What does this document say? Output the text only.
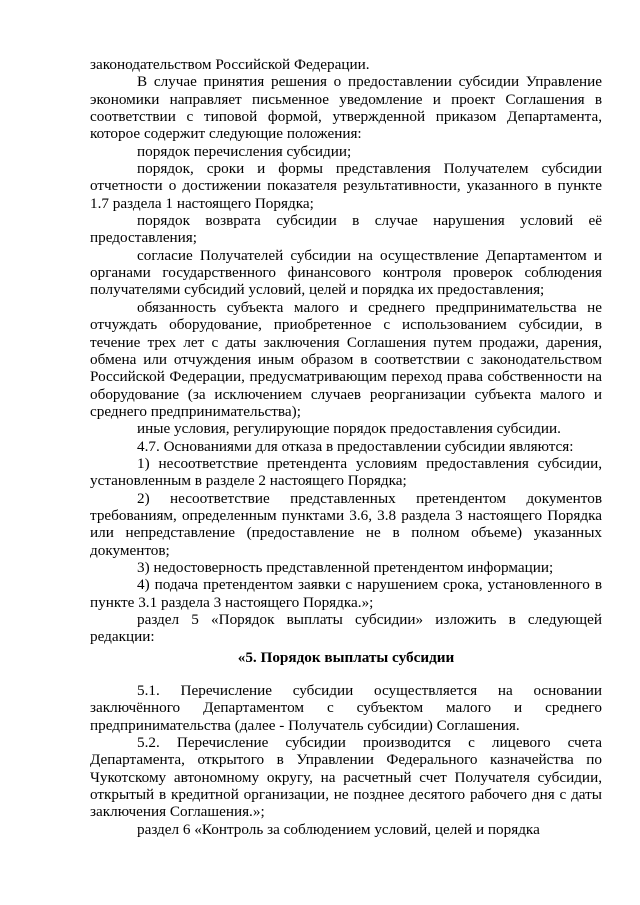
законодательством Российской Федерации.

В случае принятия решения о предоставлении субсидии Управление экономики направляет письменное уведомление и проект Соглашения в соответствии с типовой формой, утвержденной приказом Департамента, которое содержит следующие положения:

порядок перечисления субсидии;

порядок, сроки и формы представления Получателем субсидии отчетности о достижении показателя результативности, указанного в пункте 1.7 раздела 1 настоящего Порядка;

порядок возврата субсидии в случае нарушения условий её предоставления;

согласие Получателей субсидии на осуществление Департаментом и органами государственного финансового контроля проверок соблюдения получателями субсидий условий, целей и порядка их предоставления;

обязанность субъекта малого и среднего предпринимательства не отчуждать оборудование, приобретенное с использованием субсидии, в течение трех лет с даты заключения Соглашения путем продажи, дарения, обмена или отчуждения иным образом в соответствии с законодательством Российской Федерации, предусматривающим переход права собственности на оборудование (за исключением случаев реорганизации субъекта малого и среднего предпринимательства);

иные условия, регулирующие порядок предоставления субсидии.

4.7. Основаниями для отказа в предоставлении субсидии являются:

1) несоответствие претендента условиям предоставления субсидии, установленным в разделе 2 настоящего Порядка;

2) несоответствие представленных претендентом документов требованиям, определенным пунктами 3.6, 3.8 раздела 3 настоящего Порядка или непредставление (предоставление не в полном объеме) указанных документов;

3) недостоверность представленной претендентом информации;

4) подача претендентом заявки с нарушением срока, установленного в пункте 3.1 раздела 3 настоящего Порядка.»;

раздел 5 «Порядок выплаты субсидии» изложить в следующей редакции:

«5. Порядок выплаты субсидии

5.1. Перечисление субсидии осуществляется на основании заключённого Департаментом с субъектом малого и среднего предпринимательства (далее - Получатель субсидии) Соглашения.

5.2. Перечисление субсидии производится с лицевого счета Департамента, открытого в Управлении Федерального казначейства по Чукотскому автономному округу, на расчетный счет Получателя субсидии, открытый в кредитной организации, не позднее десятого рабочего дня с даты заключения Соглашения.»;

раздел 6 «Контроль за соблюдением условий, целей и порядка
